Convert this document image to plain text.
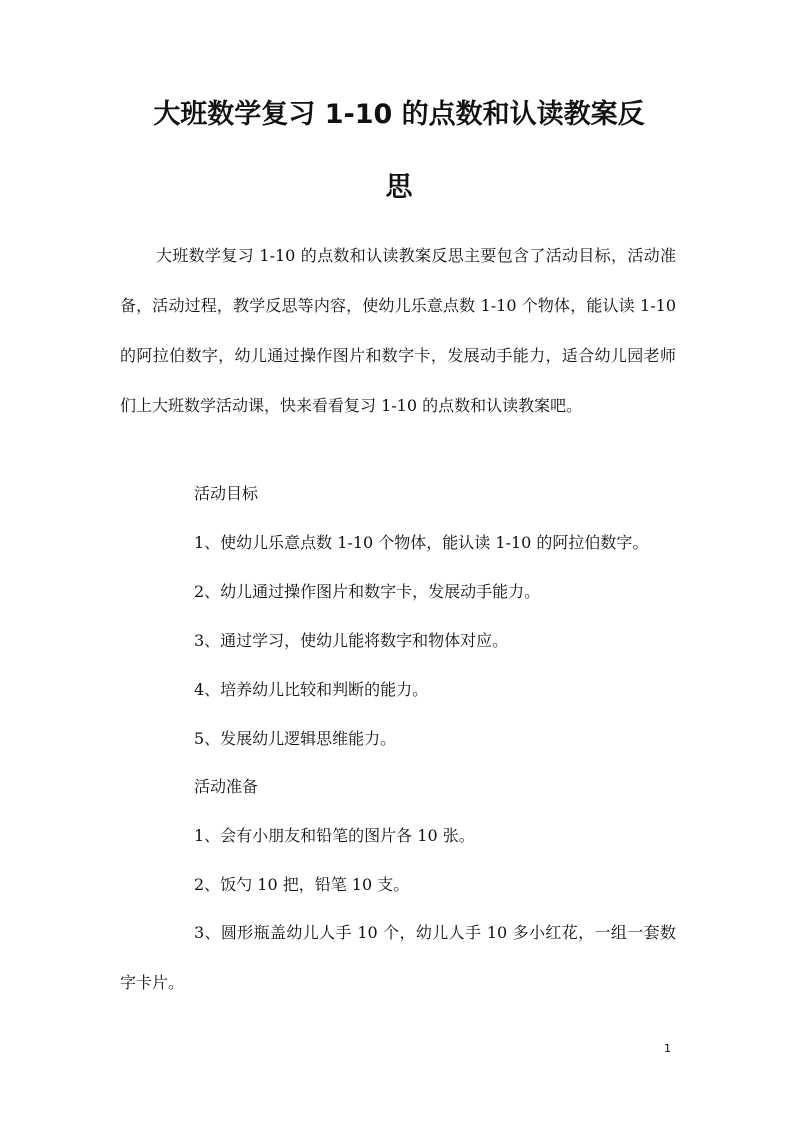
大班数学复习 1-10 的点数和认读教案反
思

大班数学复习 1-10 的点数和认读教案反思主要包含了活动目标，活动准备，活动过程，教学反思等内容，使幼儿乐意点数 1-10 个物体，能认读 1-10 的阿拉伯数字，幼儿通过操作图片和数字卡，发展动手能力，适合幼儿园老师们上大班数学活动课，快来看看复习 1-10 的点数和认读教案吧。

活动目标

1、使幼儿乐意点数 1-10 个物体，能认读 1-10 的阿拉伯数字。

2、幼儿通过操作图片和数字卡，发展动手能力。

3、通过学习，使幼儿能将数字和物体对应。

4、培养幼儿比较和判断的能力。

5、发展幼儿逻辑思维能力。

活动准备

1、会有小朋友和铅笔的图片各 10 张。

2、饭勺 10 把，铅笔 10 支。

3、圆形瓶盖幼儿人手 10 个，幼儿人手 10 多小红花，一组一套数字卡片。

1
